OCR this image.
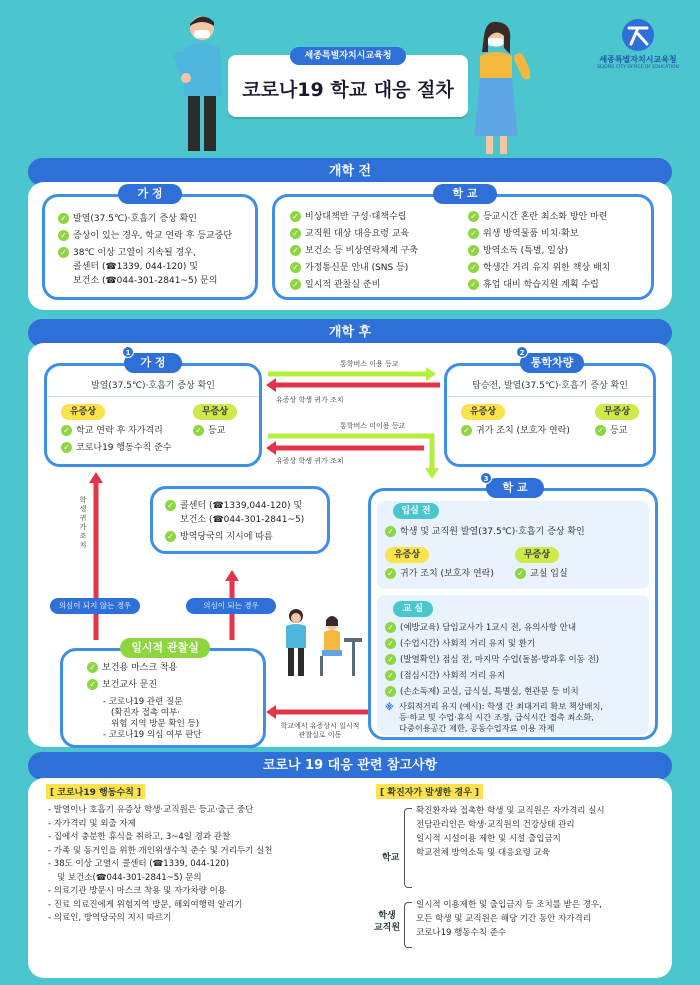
세종특별자치시교육청
코로나19 학교 대응 절차
세종특별자치시교육청
SEJONG CITY OFFICE OF EDUCATION
개학 전
가 정
✓ 발열(37.5℃)·호흡기 증상 확인
✓ 증상이 있는 경우, 학교 연락 후 등교중단
✓ 38℃ 이상 고열이 지속될 경우,
콜센터 (☎1339, 044-120) 및
보건소 (☎044-301-2841~5) 문의
학 교
✓ 비상대책반 구성·대책수립
✓ 교직원 대상 대응요령 교육
✓ 보건소 등 비상연락체계 구축
✓ 가정통신문 안내 (SNS 등)
✓ 일시적 관찰실 준비
✓ 등교시간 혼란 최소화 방안 마련
✓ 위생 방역물품 비치·확보
✓ 방역소독 (특별, 일상)
✓ 학생간 거리 유지 위한 책상 배치
✓ 휴업 대비 학습지원 계획 수립
개학 후
발열(37.5℃)·호흡기 증상 확인
유증상	무증상
✓ 학교 연락 후 자가격리
✓ 코로나19 행동수칙 준수
✓ 등교
가 정
1
탑승전, 발열(37.5℃)·호흡기 증상 확인
유증상	무증상
✓ 귀가 조치 (보호자 연락)	✓ 등교
통학차량
2
통학버스 이용 등교
유증상 학생 귀가 조치
통학버스 미이용 등교
유증상 학생 귀가 조치
학생 귀가 조치
✓ 콜센터 (☎1339,044-120) 및
보건소 (☎044-301-2841~5)
✓ 방역당국의 지시에 따름
의심이 되지 않는 경우	의심이 되는 경우
✓ 보건용 마스크 착용
✓ 보건교사 문진
- 코로나19 관련 질문
(확진자 접촉 여부·
위험 지역 방문 확인 등)
- 코로나19 의심 여부 판단
일시적 관찰실
학교에서 유증상시 일시적 관찰실로 이동
입실 전
✓ 학생 및 교직원 발열(37.5℃)·호흡기 증상 확인
유증상	무증상
✓ 귀가 조치 (보호자 연락)	✓ 교실 입실
교 실
✓ (예방교육) 담임교사가 1교시 전, 유의사항 안내
✓ (수업시간) 사회적 거리 유지 및 환기
✓ (발열확인) 점심 전, 마지막 수업(돌봄·방과후 이동 전)
✓ (점심시간) 사회적 거리 유지
✓ (손소독제) 교실, 급식실, 특별실, 현관문 등 비치
※ 사회적거리 유지 (예시): 학생 간 최대거리 확보 책상배치,
등·하교 및 수업·휴식 시간 조정, 급식시간 접촉 최소화,
다중이용공간 제한, 공동수업자료 이용 자제
학 교
3
코로나 19 대응 관련 참고사항
[ 코로나19 행동수칙 ]
- 발열이나 호흡기 유증상 학생·교직원은 등교·출근 중단
- 자가격리 및 외출 자제
- 집에서 충분한 휴식을 취하고, 3~4일 경과 관찰
- 가족 및 동거인을 위한 개인위생수칙 준수 및 거리두기 실천
- 38도 이상 고열시 콜센터 (☎1339, 044-120)
및 보건소(☎044-301-2841~5) 문의
- 의료기관 방문시 마스크 착용 및 자가차량 이용
- 진료 의료진에게 위험지역 방문, 해외여행력 알리기
- 의료인, 방역당국의 지시 따르기
[ 확진자가 발생한 경우 ]
학교
확진환자와 접촉한 학생 및 교직원은 자가격리 실시
전담관리인은 학생·교직원의 건강상태 관리
일시적 시설이용 제한 및 시설 출입금지
학교전체 방역소독 및 대응요령 교육
학생
교직원
일시적 이용제한 및 출입금지 등 조치를 받은 경우,
모든 학생 및 교직원은 해당 기간 동안 자가격리
코로나19 행동수칙 준수
